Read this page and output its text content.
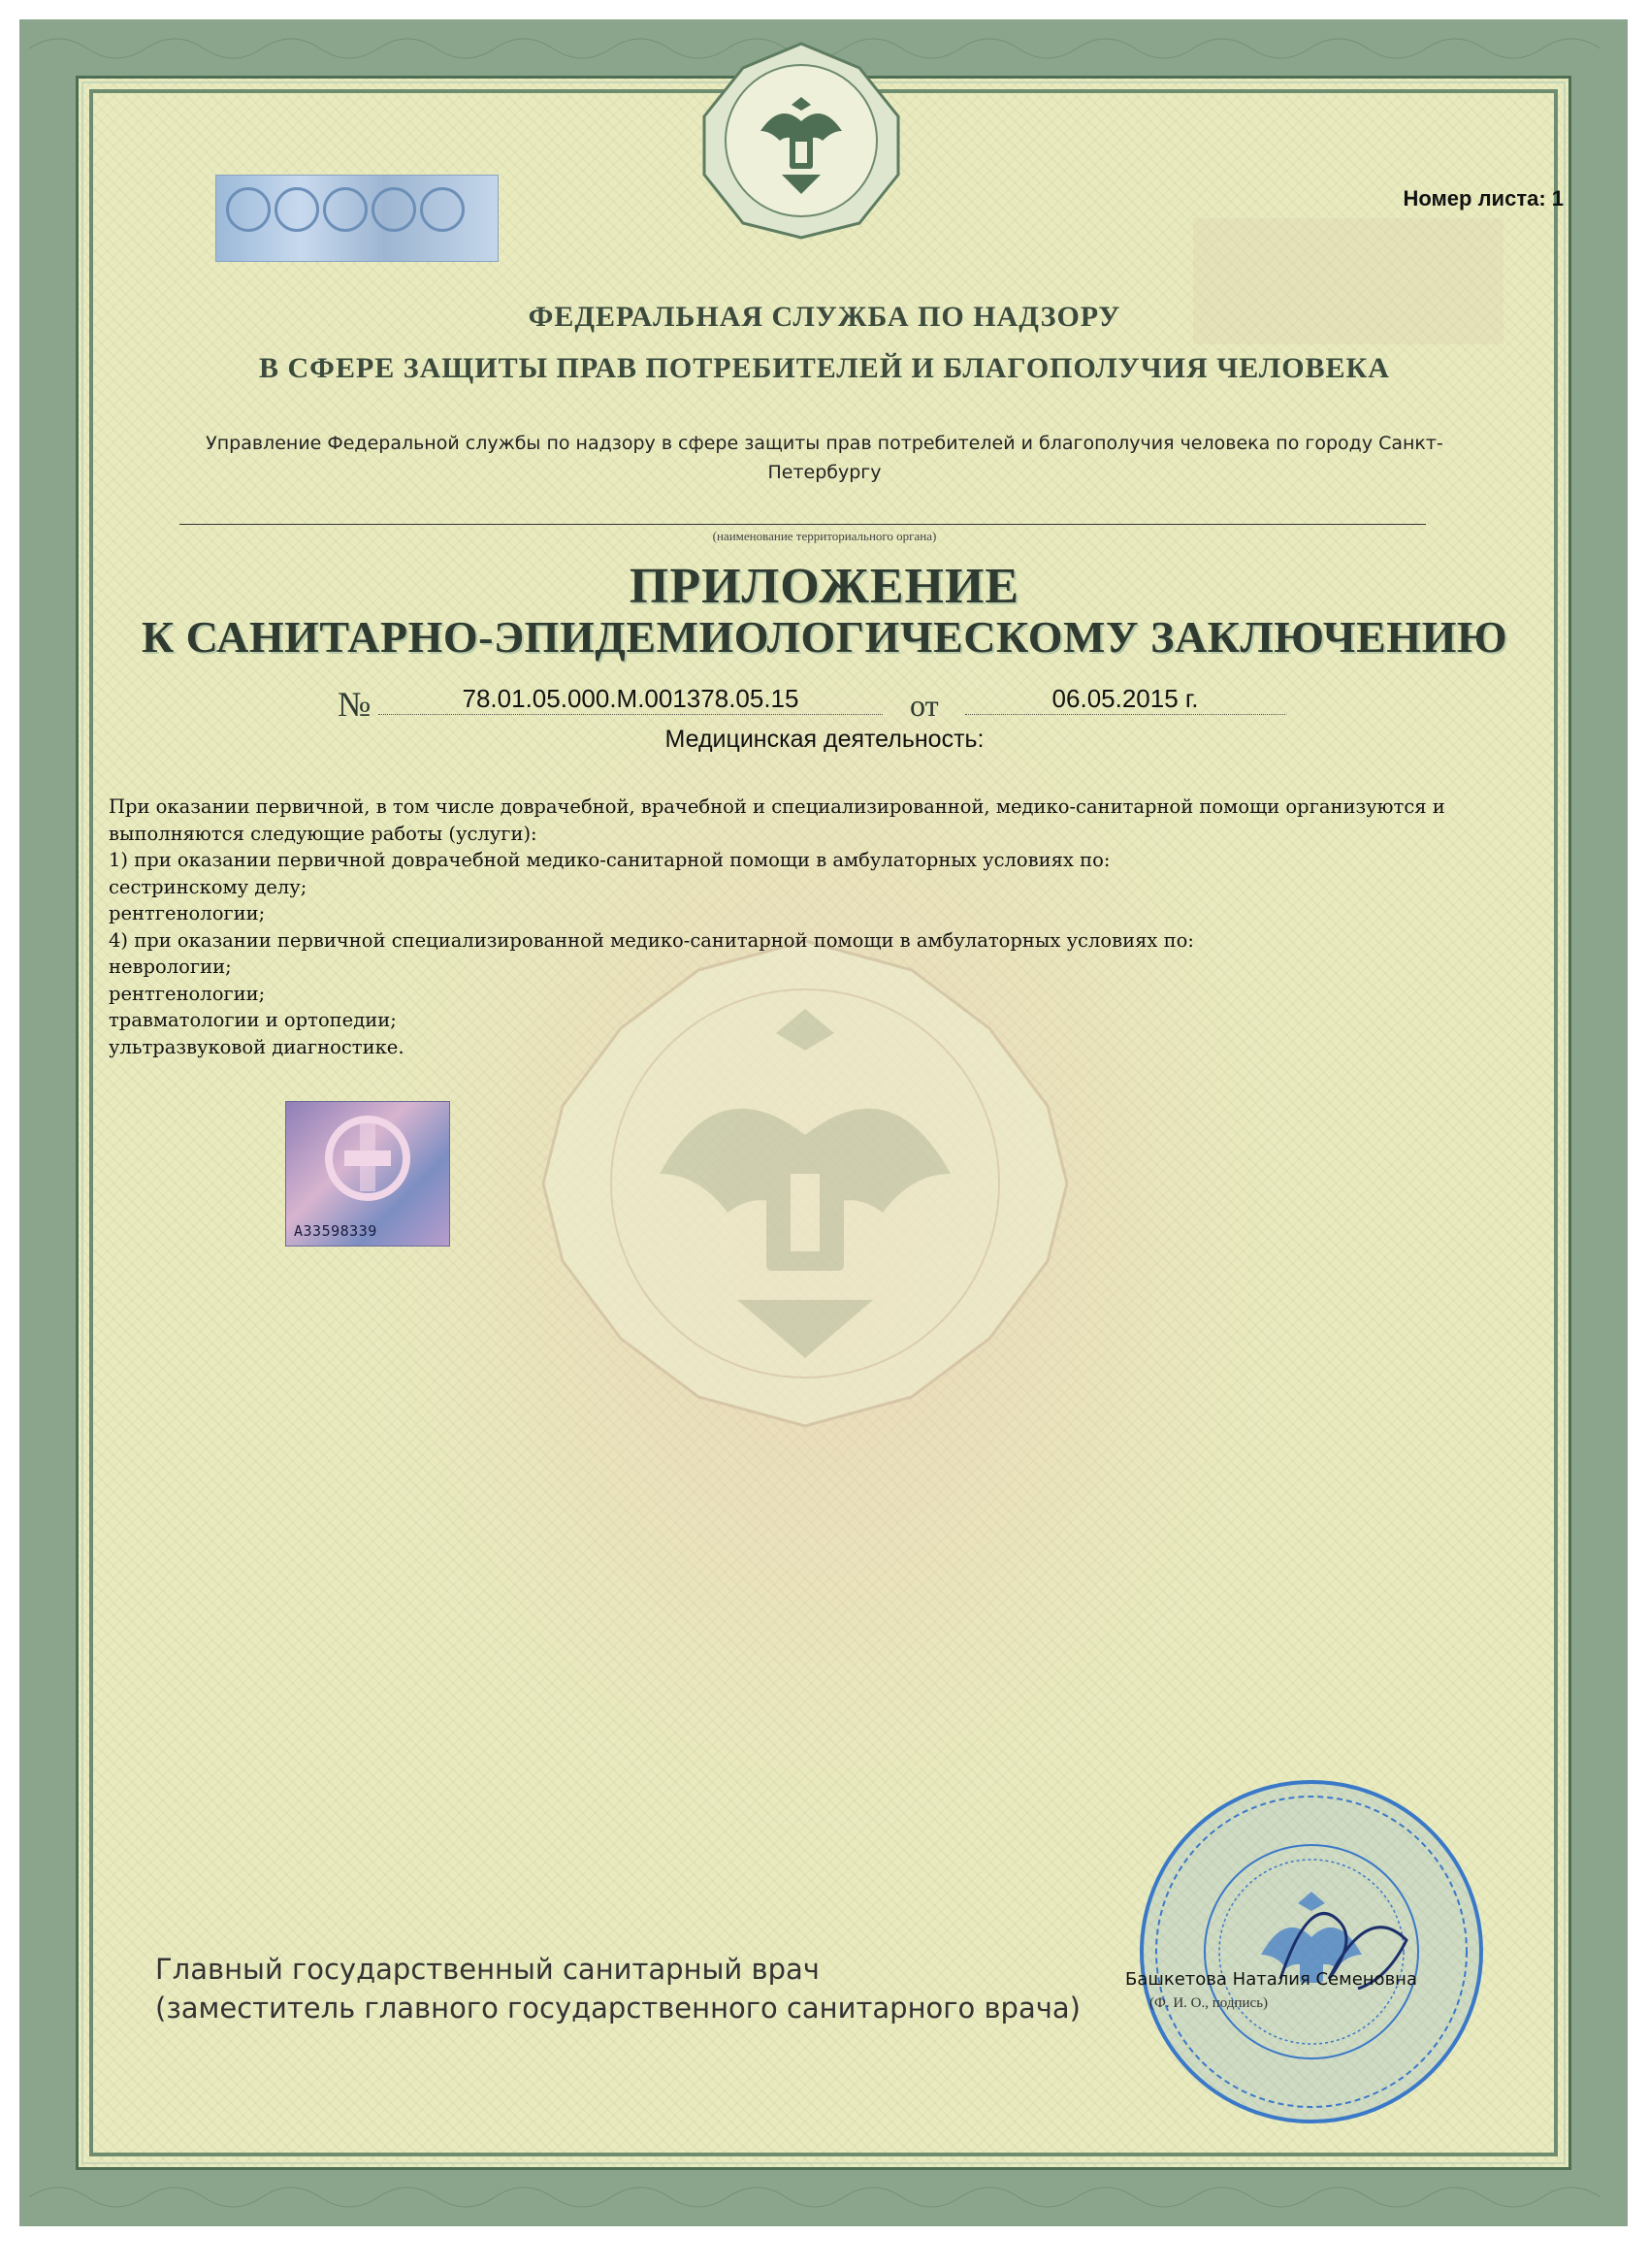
Номер листа: 1
ФЕДЕРАЛЬНАЯ СЛУЖБА ПО НАДЗОРУ
В СФЕРЕ ЗАЩИТЫ ПРАВ ПОТРЕБИТЕЛЕЙ И БЛАГОПОЛУЧИЯ ЧЕЛОВЕКА
Управление Федеральной службы по надзору в сфере защиты прав потребителей и благополучия человека по городу Санкт-
Петербургу
(наименование территориального органа)
ПРИЛОЖЕНИЕ
К САНИТАРНО-ЭПИДЕМИОЛОГИЧЕСКОМУ ЗАКЛЮЧЕНИЮ
№	78.01.05.000.М.001378.05.15	от	06.05.2015 г.
Медицинская деятельность:
При оказании первичной, в том числе доврачебной, врачебной и специализированной, медико-санитарной помощи организуются и
выполняются следующие работы (услуги):
1) при оказании первичной доврачебной медико-санитарной помощи в амбулаторных условиях по:
сестринскому делу;
рентгенологии;
4) при оказании первичной специализированной медико-санитарной помощи в амбулаторных условиях по:
неврологии;
рентгенологии;
травматологии и ортопедии;
ультразвуковой диагностике.
А33598339
Главный государственный санитарный врач
(заместитель главного государственного санитарного врача)
Башкетова Наталия Семеновна
(Ф. И. О., подпись)
